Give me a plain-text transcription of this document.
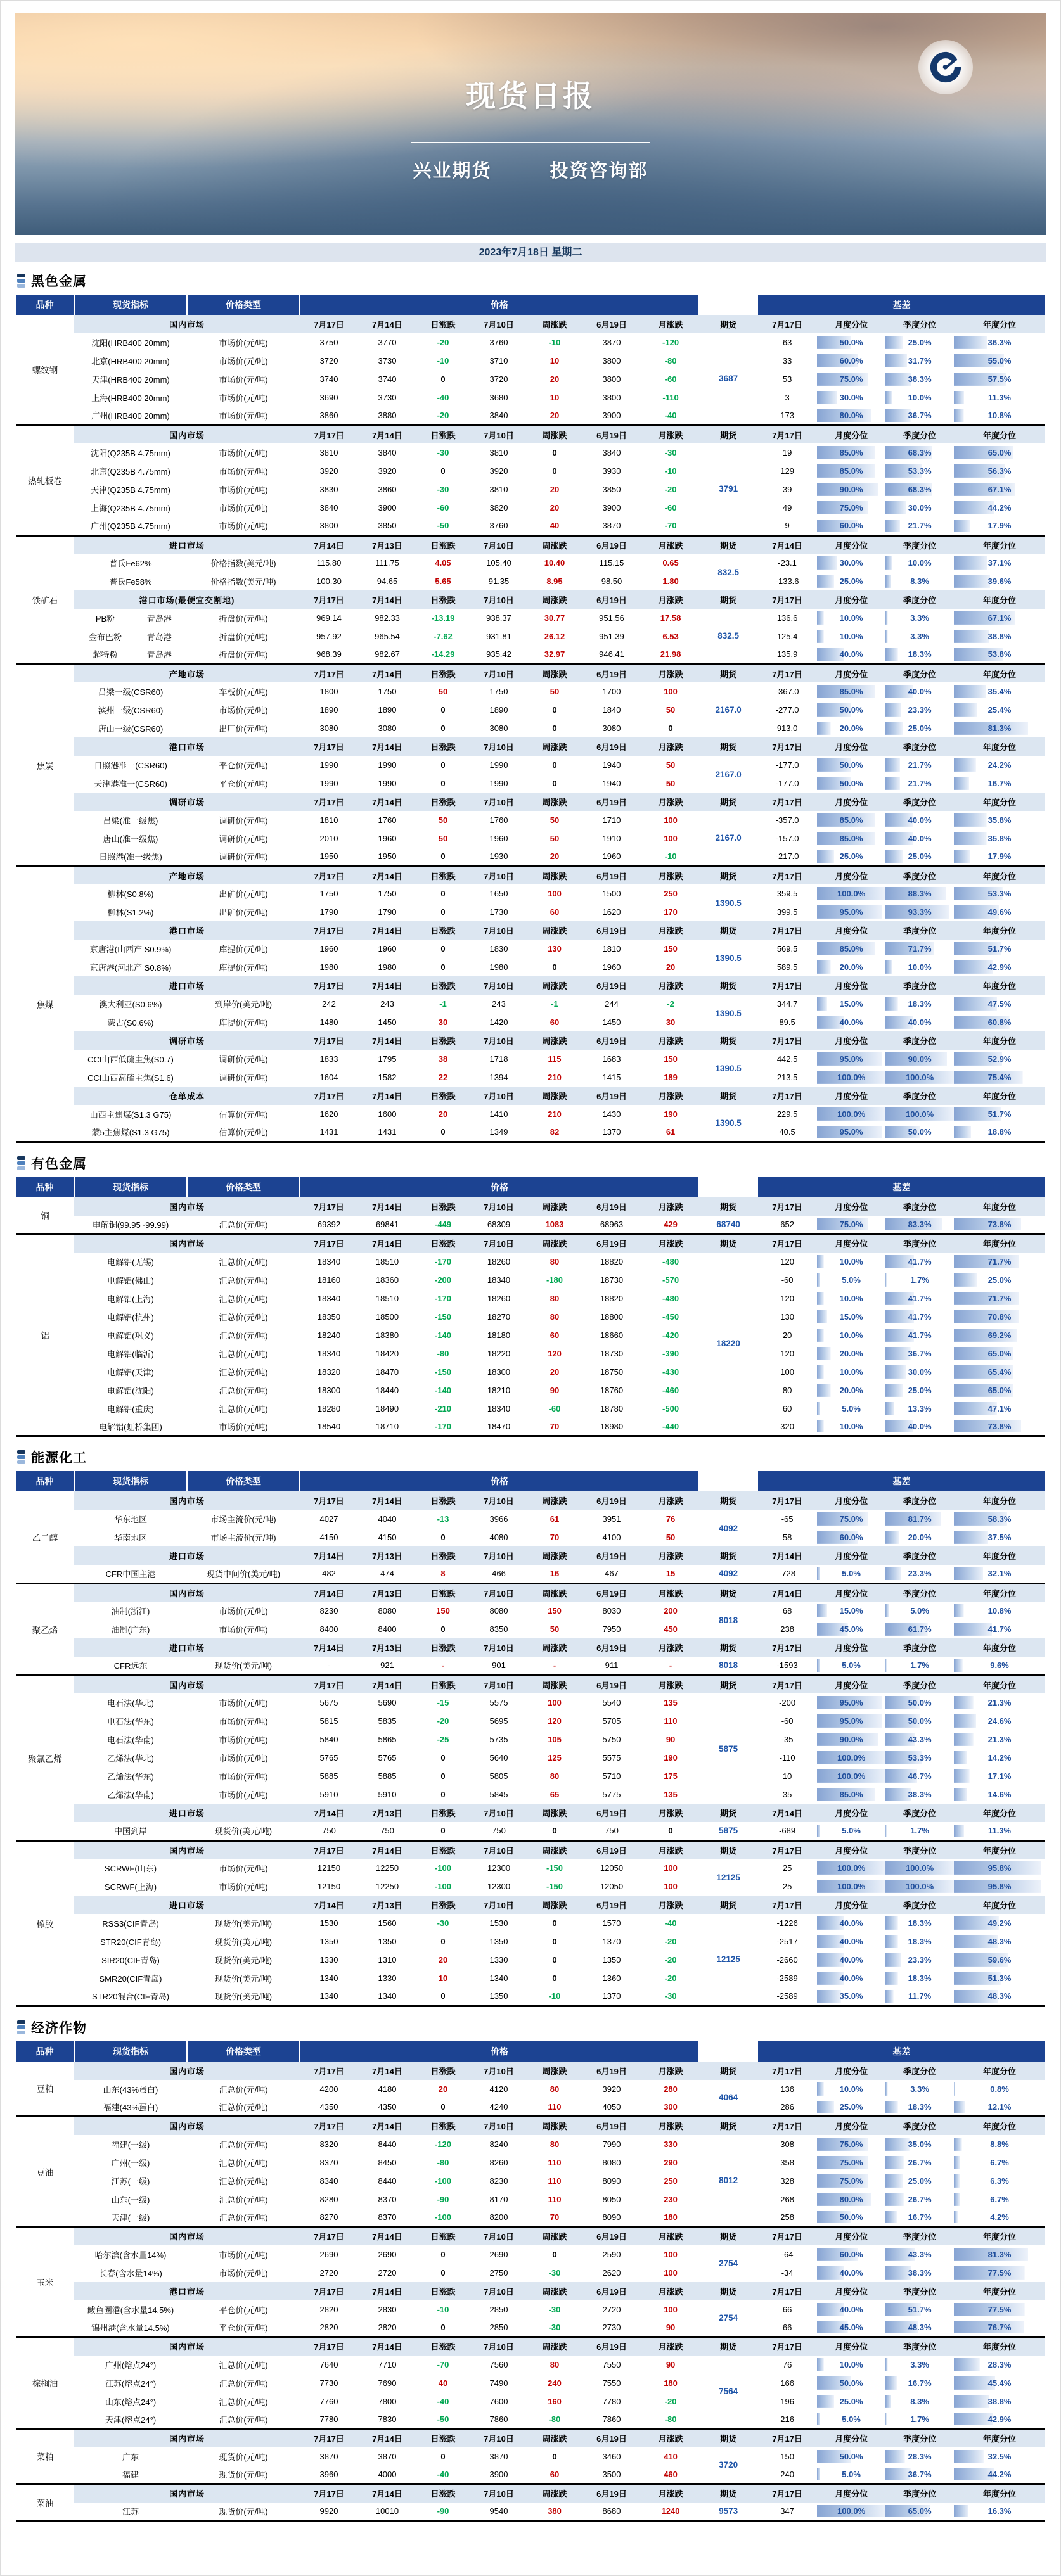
现货日报
兴业期货	投资咨询部
2023年7月18日 星期二
黑色金属
品种	现货指标	价格类型	价格								基差			
螺纹钢	国内市场		7月17日	7月14日	日涨跌	7月10日	周涨跌	6月19日	月涨跌	期货	7月17日	月度分位	季度分位	年度分位
	沈阳(HRB400 20mm)	市场价(元/吨)	3750	3770	-20	3760	-10	3870	-120	3687	63	50.0%	25.0%	36.3%
	北京(HRB400 20mm)	市场价(元/吨)	3720	3730	-10	3710	10	3800	-80		33	60.0%	31.7%	55.0%
	天津(HRB400 20mm)	市场价(元/吨)	3740	3740	0	3720	20	3800	-60		53	75.0%	38.3%	57.5%
	上海(HRB400 20mm)	市场价(元/吨)	3690	3730	-40	3680	10	3800	-110		3	30.0%	10.0%	11.3%
	广州(HRB400 20mm)	市场价(元/吨)	3860	3880	-20	3840	20	3900	-40		173	80.0%	36.7%	10.8%
热轧板卷	国内市场		7月17日	7月14日	日涨跌	7月10日	周涨跌	6月19日	月涨跌	期货	7月17日	月度分位	季度分位	年度分位
	沈阳(Q235B 4.75mm)	市场价(元/吨)	3810	3840	-30	3810	0	3840	-30	3791	19	85.0%	68.3%	65.0%
	北京(Q235B 4.75mm)	市场价(元/吨)	3920	3920	0	3920	0	3930	-10		129	85.0%	53.3%	56.3%
	天津(Q235B 4.75mm)	市场价(元/吨)	3830	3860	-30	3810	20	3850	-20		39	90.0%	68.3%	67.1%
	上海(Q235B 4.75mm)	市场价(元/吨)	3840	3900	-60	3820	20	3900	-60		49	75.0%	30.0%	44.2%
	广州(Q235B 4.75mm)	市场价(元/吨)	3800	3850	-50	3760	40	3870	-70		9	60.0%	21.7%	17.9%
铁矿石	进口市场		7月14日	7月13日	日涨跌	7月10日	周涨跌	6月19日	月涨跌	期货	7月14日	月度分位	季度分位	年度分位
	普氏Fe62%	价格指数(美元/吨)	115.80	111.75	4.05	105.40	10.40	115.15	0.65	832.5	-23.1	30.0%	10.0%	37.1%
	普氏Fe58%	价格指数(美元/吨)	100.30	94.65	5.65	91.35	8.95	98.50	1.80		-133.6	25.0%	8.3%	39.6%
	港口市场(最便宜交割地)		7月17日	7月14日	日涨跌	7月10日	周涨跌	6月19日	月涨跌	期货	7月17日	月度分位	季度分位	年度分位
	PB粉 青岛港	折盘价(元/吨)	969.14	982.33	-13.19	938.37	30.77	951.56	17.58	832.5	136.6	10.0%	3.3%	67.1%
	金布巴粉 青岛港	折盘价(元/吨)	957.92	965.54	-7.62	931.81	26.12	951.39	6.53		125.4	10.0%	3.3%	38.8%
	超特粉 青岛港	折盘价(元/吨)	968.39	982.67	-14.29	935.42	32.97	946.41	21.98		135.9	40.0%	18.3%	53.8%
焦炭	产地市场		7月17日	7月14日	日涨跌	7月10日	周涨跌	6月19日	月涨跌	期货	7月17日	月度分位	季度分位	年度分位
	吕梁一级(CSR60)	车板价(元/吨)	1800	1750	50	1750	50	1700	100	2167.0	-367.0	85.0%	40.0%	35.4%
	滨州一级(CSR60)	市场价(元/吨)	1890	1890	0	1890	0	1840	50		-277.0	50.0%	23.3%	25.4%
	唐山一级(CSR60)	出厂价(元/吨)	3080	3080	0	3080	0	3080	0		913.0	20.0%	25.0%	81.3%
	港口市场		7月17日	7月14日	日涨跌	7月10日	周涨跌	6月19日	月涨跌	期货	7月17日	月度分位	季度分位	年度分位
	日照港准一(CSR60)	平仓价(元/吨)	1990	1990	0	1990	0	1940	50	2167.0	-177.0	50.0%	21.7%	24.2%
	天津港准一(CSR60)	平仓价(元/吨)	1990	1990	0	1990	0	1940	50		-177.0	50.0%	21.7%	16.7%
	调研市场		7月17日	7月14日	日涨跌	7月10日	周涨跌	6月19日	月涨跌	期货	7月17日	月度分位	季度分位	年度分位
	吕梁(准一级焦)	调研价(元/吨)	1810	1760	50	1760	50	1710	100	2167.0	-357.0	85.0%	40.0%	35.8%
	唐山(准一级焦)	调研价(元/吨)	2010	1960	50	1960	50	1910	100		-157.0	85.0%	40.0%	35.8%
	日照港(准一级焦)	调研价(元/吨)	1950	1950	0	1930	20	1960	-10		-217.0	25.0%	25.0%	17.9%
焦煤	产地市场		7月17日	7月14日	日涨跌	7月10日	周涨跌	6月19日	月涨跌	期货	7月17日	月度分位	季度分位	年度分位
	柳林(S0.8%)	出矿价(元/吨)	1750	1750	0	1650	100	1500	250	1390.5	359.5	100.0%	88.3%	53.3%
	柳林(S1.2%)	出矿价(元/吨)	1790	1790	0	1730	60	1620	170		399.5	95.0%	93.3%	49.6%
	港口市场		7月17日	7月14日	日涨跌	7月10日	周涨跌	6月19日	月涨跌	期货	7月17日	月度分位	季度分位	年度分位
	京唐港(山西产 S0.9%)	库提价(元/吨)	1960	1960	0	1830	130	1810	150	1390.5	569.5	85.0%	71.7%	51.7%
	京唐港(河北产 S0.8%)	库提价(元/吨)	1980	1980	0	1980	0	1960	20		589.5	20.0%	10.0%	42.9%
	进口市场		7月17日	7月14日	日涨跌	7月10日	周涨跌	6月19日	月涨跌	期货	7月17日	月度分位	季度分位	年度分位
	澳大利亚(S0.6%)	到岸价(美元/吨)	242	243	-1	243	-1	244	-2	1390.5	344.7	15.0%	18.3%	47.5%
	蒙古(S0.6%)	库提价(元/吨)	1480	1450	30	1420	60	1450	30		89.5	40.0%	40.0%	60.8%
	调研市场		7月17日	7月14日	日涨跌	7月10日	周涨跌	6月19日	月涨跌	期货	7月17日	月度分位	季度分位	年度分位
	CCI山西低硫主焦(S0.7)	调研价(元/吨)	1833	1795	38	1718	115	1683	150	1390.5	442.5	95.0%	90.0%	52.9%
	CCI山西高硫主焦(S1.6)	调研价(元/吨)	1604	1582	22	1394	210	1415	189		213.5	100.0%	100.0%	75.4%
	仓单成本		7月17日	7月14日	日涨跌	7月10日	周涨跌	6月19日	月涨跌	期货	7月17日	月度分位	季度分位	年度分位
	山西主焦煤(S1.3 G75)	估算价(元/吨)	1620	1600	20	1410	210	1430	190	1390.5	229.5	100.0%	100.0%	51.7%
	蒙5主焦煤(S1.3 G75)	估算价(元/吨)	1431	1431	0	1349	82	1370	61		40.5	95.0%	50.0%	18.8%
有色金属
品种	现货指标	价格类型	价格								基差			
铜	国内市场		7月17日	7月14日	日涨跌	7月10日	周涨跌	6月19日	月涨跌	期货	7月17日	月度分位	季度分位	年度分位
	电解铜(99.95~99.99)	汇总价(元/吨)	69392	69841	-449	68309	1083	68963	429	68740	652	75.0%	83.3%	73.8%
铝	国内市场		7月17日	7月14日	日涨跌	7月10日	周涨跌	6月19日	月涨跌	期货	7月17日	月度分位	季度分位	年度分位
	电解铝(无锡)	汇总价(元/吨)	18340	18510	-170	18260	80	18820	-480	18220	120	10.0%	41.7%	71.7%
	电解铝(佛山)	汇总价(元/吨)	18160	18360	-200	18340	-180	18730	-570		-60	5.0%	1.7%	25.0%
	电解铝(上海)	汇总价(元/吨)	18340	18510	-170	18260	80	18820	-480		120	10.0%	41.7%	71.7%
	电解铝(杭州)	汇总价(元/吨)	18350	18500	-150	18270	80	18800	-450		130	15.0%	41.7%	70.8%
	电解铝(巩义)	汇总价(元/吨)	18240	18380	-140	18180	60	18660	-420		20	10.0%	41.7%	69.2%
	电解铝(临沂)	汇总价(元/吨)	18340	18420	-80	18220	120	18730	-390		120	20.0%	36.7%	65.0%
	电解铝(天津)	汇总价(元/吨)	18320	18470	-150	18300	20	18750	-430		100	10.0%	30.0%	65.4%
	电解铝(沈阳)	汇总价(元/吨)	18300	18440	-140	18210	90	18760	-460		80	20.0%	25.0%	65.0%
	电解铝(重庆)	汇总价(元/吨)	18280	18490	-210	18340	-60	18780	-500		60	5.0%	13.3%	47.1%
	电解铝(虹桥集团)	市场价(元/吨)	18540	18710	-170	18470	70	18980	-440		320	10.0%	40.0%	73.8%
能源化工
品种	现货指标	价格类型	价格								基差			
乙二醇	国内市场		7月17日	7月14日	日涨跌	7月10日	周涨跌	6月19日	月涨跌	期货	7月17日	月度分位	季度分位	年度分位
	华东地区	市场主流价(元/吨)	4027	4040	-13	3966	61	3951	76	4092	-65	75.0%	81.7%	58.3%
	华南地区	市场主流价(元/吨)	4150	4150	0	4080	70	4100	50		58	60.0%	20.0%	37.5%
	进口市场		7月14日	7月13日	日涨跌	7月10日	周涨跌	6月19日	月涨跌	期货	7月14日	月度分位	季度分位	年度分位
	CFR中国主港	现货中间价(美元/吨)	482	474	8	466	16	467	15	4092	-728	5.0%	23.3%	32.1%
聚乙烯	国内市场		7月14日	7月13日	日涨跌	7月10日	周涨跌	6月19日	月涨跌	期货	7月14日	月度分位	季度分位	年度分位
	油制(浙江)	市场价(元/吨)	8230	8080	150	8080	150	8030	200	8018	68	15.0%	5.0%	10.8%
	油制(广东)	市场价(元/吨)	8400	8400	0	8350	50	7950	450		238	45.0%	61.7%	41.7%
	进口市场		7月14日	7月13日	日涨跌	7月10日	周涨跌	6月19日	月涨跌	期货	7月17日	月度分位	季度分位	年度分位
	CFR远东	现货价(美元/吨)	-	921	-	901	-	911	-	8018	-1593	5.0%	1.7%	9.6%
聚氯乙烯	国内市场		7月17日	7月14日	日涨跌	7月10日	周涨跌	6月19日	月涨跌	期货	7月17日	月度分位	季度分位	年度分位
	电石法(华北)	市场价(元/吨)	5675	5690	-15	5575	100	5540	135	5875	-200	95.0%	50.0%	21.3%
	电石法(华东)	市场价(元/吨)	5815	5835	-20	5695	120	5705	110		-60	95.0%	50.0%	24.6%
	电石法(华南)	市场价(元/吨)	5840	5865	-25	5735	105	5750	90		-35	90.0%	43.3%	21.3%
	乙烯法(华北)	市场价(元/吨)	5765	5765	0	5640	125	5575	190		-110	100.0%	53.3%	14.2%
	乙烯法(华东)	市场价(元/吨)	5885	5885	0	5805	80	5710	175		10	100.0%	46.7%	17.1%
	乙烯法(华南)	市场价(元/吨)	5910	5910	0	5845	65	5775	135		35	85.0%	38.3%	14.6%
	进口市场		7月14日	7月13日	日涨跌	7月10日	周涨跌	6月19日	月涨跌	期货	7月14日	月度分位	季度分位	年度分位
	中国到岸	现货价(美元/吨)	750	750	0	750	0	750	0	5875	-689	5.0%	1.7%	11.3%
橡胶	国内市场		7月17日	7月14日	日涨跌	7月10日	周涨跌	6月19日	月涨跌	期货	7月17日	月度分位	季度分位	年度分位
	SCRWF(山东)	市场价(元/吨)	12150	12250	-100	12300	-150	12050	100	12125	25	100.0%	100.0%	95.8%
	SCRWF(上海)	市场价(元/吨)	12150	12250	-100	12300	-150	12050	100		25	100.0%	100.0%	95.8%
	进口市场		7月14日	7月13日	日涨跌	7月10日	周涨跌	6月19日	月涨跌	期货	7月17日	月度分位	季度分位	年度分位
	RSS3(CIF青岛)	现货价(美元/吨)	1530	1560	-30	1530	0	1570	-40	12125	-1226	40.0%	18.3%	49.2%
	STR20(CIF青岛)	现货价(美元/吨)	1350	1350	0	1350	0	1370	-20		-2517	40.0%	18.3%	48.3%
	SIR20(CIF青岛)	现货价(美元/吨)	1330	1310	20	1330	0	1350	-20		-2660	40.0%	23.3%	59.6%
	SMR20(CIF青岛)	现货价(美元/吨)	1340	1330	10	1340	0	1360	-20		-2589	40.0%	18.3%	51.3%
	STR20混合(CIF青岛)	现货价(美元/吨)	1340	1340	0	1350	-10	1370	-30		-2589	35.0%	11.7%	48.3%
经济作物
品种	现货指标	价格类型	价格								基差			
豆粕	国内市场		7月17日	7月14日	日涨跌	7月10日	周涨跌	6月19日	月涨跌	期货	7月17日	月度分位	季度分位	年度分位
	山东(43%蛋白)	汇总价(元/吨)	4200	4180	20	4120	80	3920	280	4064	136	10.0%	3.3%	0.8%
	福建(43%蛋白)	汇总价(元/吨)	4350	4350	0	4240	110	4050	300		286	25.0%	18.3%	12.1%
豆油	国内市场		7月17日	7月14日	日涨跌	7月10日	周涨跌	6月19日	月涨跌	期货	7月17日	月度分位	季度分位	年度分位
	福建(一级)	汇总价(元/吨)	8320	8440	-120	8240	80	7990	330	8012	308	75.0%	35.0%	8.8%
	广州(一级)	汇总价(元/吨)	8370	8450	-80	8260	110	8080	290		358	75.0%	26.7%	6.7%
	江苏(一级)	汇总价(元/吨)	8340	8440	-100	8230	110	8090	250		328	75.0%	25.0%	6.3%
	山东(一级)	汇总价(元/吨)	8280	8370	-90	8170	110	8050	230		268	80.0%	26.7%	6.7%
	天津(一级)	汇总价(元/吨)	8270	8370	-100	8200	70	8090	180		258	50.0%	16.7%	4.2%
玉米	国内市场		7月17日	7月14日	日涨跌	7月10日	周涨跌	6月19日	月涨跌	期货	7月17日	月度分位	季度分位	年度分位
	哈尔滨(含水量14%)	市场价(元/吨)	2690	2690	0	2690	0	2590	100	2754	-64	60.0%	43.3%	81.3%
	长春(含水量14%)	市场价(元/吨)	2720	2720	0	2750	-30	2620	100		-34	40.0%	38.3%	77.5%
	港口市场		7月17日	7月14日	日涨跌	7月10日	周涨跌	6月19日	月涨跌	期货	7月17日	月度分位	季度分位	年度分位
	鲅鱼圈港(含水量14.5%)	平仓价(元/吨)	2820	2830	-10	2850	-30	2720	100	2754	66	40.0%	51.7%	77.5%
	锦州港(含水量14.5%)	平仓价(元/吨)	2820	2820	0	2850	-30	2730	90		66	45.0%	48.3%	76.7%
棕榈油	国内市场		7月17日	7月14日	日涨跌	7月10日	周涨跌	6月19日	月涨跌	期货	7月17日	月度分位	季度分位	年度分位
	广州(熔点24°)	汇总价(元/吨)	7640	7710	-70	7560	80	7550	90	7564	76	10.0%	3.3%	28.3%
	江苏(熔点24°)	汇总价(元/吨)	7730	7690	40	7490	240	7550	180		166	50.0%	16.7%	45.4%
	山东(熔点24°)	汇总价(元/吨)	7760	7800	-40	7600	160	7780	-20		196	25.0%	8.3%	38.8%
	天津(熔点24°)	汇总价(元/吨)	7780	7830	-50	7860	-80	7860	-80		216	5.0%	1.7%	42.9%
菜粕	国内市场		7月17日	7月14日	日涨跌	7月10日	周涨跌	6月19日	月涨跌	期货	7月17日	月度分位	季度分位	年度分位
	广东	现货价(元/吨)	3870	3870	0	3870	0	3460	410	3720	150	50.0%	28.3%	32.5%
	福建	现货价(元/吨)	3960	4000	-40	3900	60	3500	460		240	5.0%	36.7%	44.2%
菜油	国内市场		7月17日	7月14日	日涨跌	7月10日	周涨跌	6月19日	月涨跌	期货	7月17日	月度分位	季度分位	年度分位
	江苏	现货价(元/吨)	9920	10010	-90	9540	380	8680	1240	9573	347	100.0%	65.0%	16.3%
